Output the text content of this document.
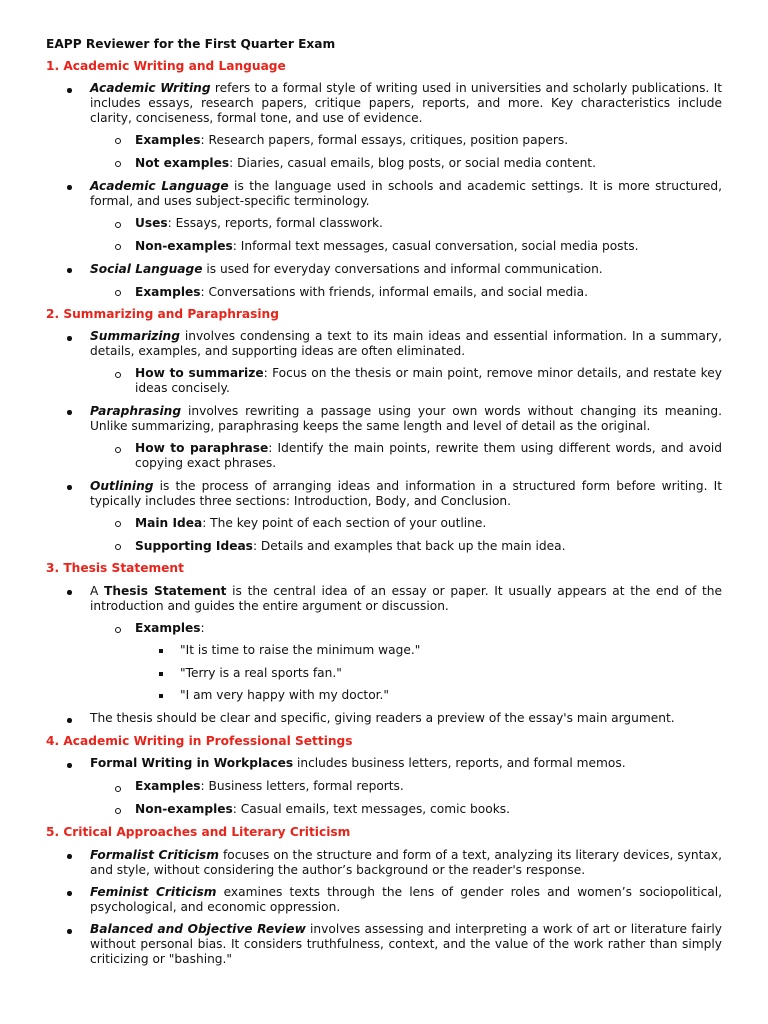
EAPP Reviewer for the First Quarter Exam
1. Academic Writing and Language
Academic Writing refers to a formal style of writing used in universities and scholarly publications. It includes essays, research papers, critique papers, reports, and more. Key characteristics include clarity, conciseness, formal tone, and use of evidence.
Examples: Research papers, formal essays, critiques, position papers.
Not examples: Diaries, casual emails, blog posts, or social media content.
Academic Language is the language used in schools and academic settings. It is more structured, formal, and uses subject-specific terminology.
Uses: Essays, reports, formal classwork.
Non-examples: Informal text messages, casual conversation, social media posts.
Social Language is used for everyday conversations and informal communication.
Examples: Conversations with friends, informal emails, and social media.
2. Summarizing and Paraphrasing
Summarizing involves condensing a text to its main ideas and essential information. In a summary, details, examples, and supporting ideas are often eliminated.
How to summarize: Focus on the thesis or main point, remove minor details, and restate key ideas concisely.
Paraphrasing involves rewriting a passage using your own words without changing its meaning. Unlike summarizing, paraphrasing keeps the same length and level of detail as the original.
How to paraphrase: Identify the main points, rewrite them using different words, and avoid copying exact phrases.
Outlining is the process of arranging ideas and information in a structured form before writing. It typically includes three sections: Introduction, Body, and Conclusion.
Main Idea: The key point of each section of your outline.
Supporting Ideas: Details and examples that back up the main idea.
3. Thesis Statement
A Thesis Statement is the central idea of an essay or paper. It usually appears at the end of the introduction and guides the entire argument or discussion.
Examples:
"It is time to raise the minimum wage."
"Terry is a real sports fan."
"I am very happy with my doctor."
The thesis should be clear and specific, giving readers a preview of the essay's main argument.
4. Academic Writing in Professional Settings
Formal Writing in Workplaces includes business letters, reports, and formal memos.
Examples: Business letters, formal reports.
Non-examples: Casual emails, text messages, comic books.
5. Critical Approaches and Literary Criticism
Formalist Criticism focuses on the structure and form of a text, analyzing its literary devices, syntax, and style, without considering the author’s background or the reader's response.
Feminist Criticism examines texts through the lens of gender roles and women’s sociopolitical, psychological, and economic oppression.
Balanced and Objective Review involves assessing and interpreting a work of art or literature fairly without personal bias. It considers truthfulness, context, and the value of the work rather than simply criticizing or "bashing."
